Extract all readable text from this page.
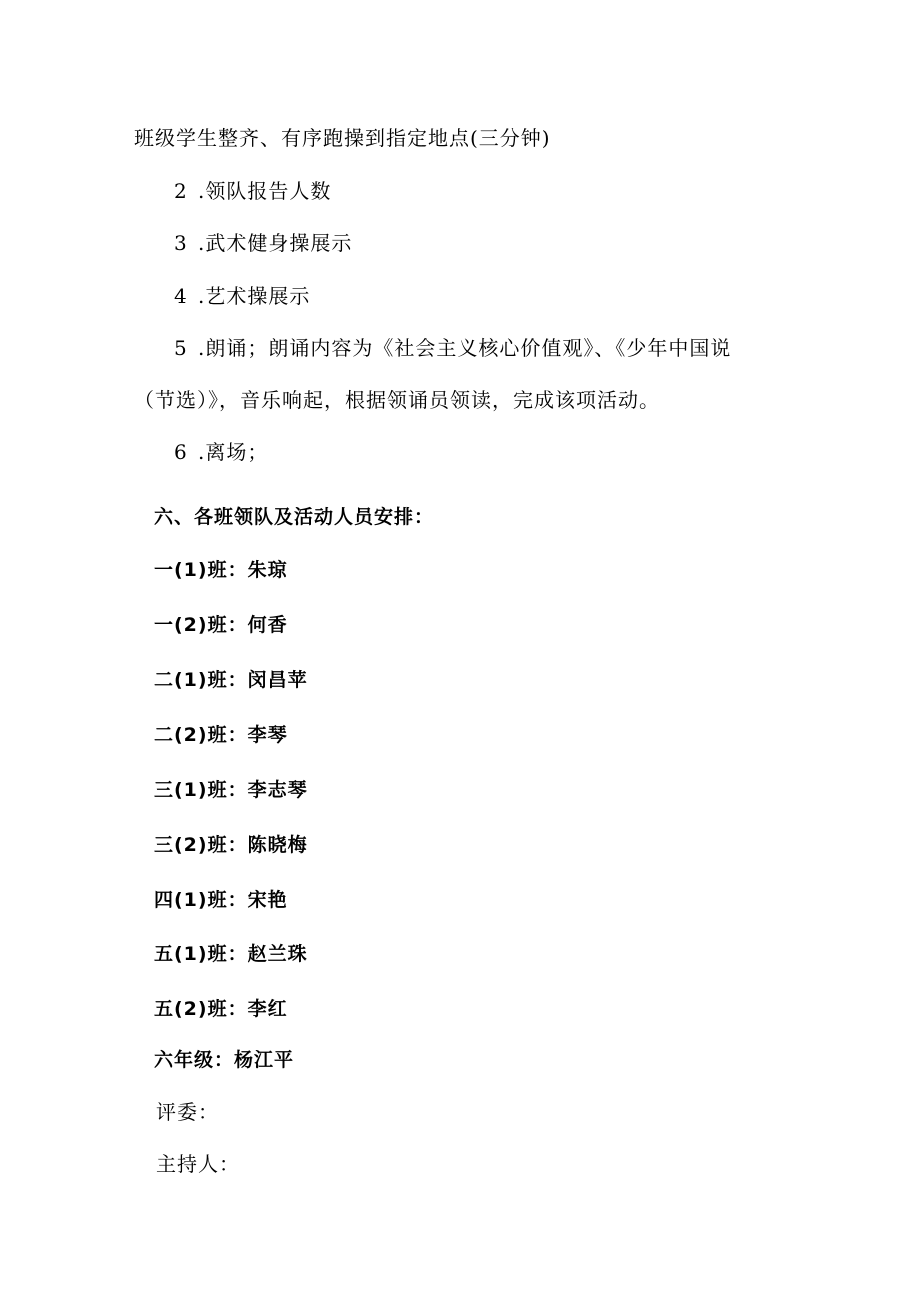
班级学生整齐、有序跑操到指定地点(三分钟)
2 .领队报告人数
3 .武术健身操展示
4 .艺术操展示
5 .朗诵；朗诵内容为《社会主义核心价值观》、《少年中国说
（节选）》，音乐响起，根据领诵员领读，完成该项活动。
6 .离场；
六、各班领队及活动人员安排：
一(1)班：朱琼
一(2)班：何香
二(1)班：闵昌苹
二(2)班：李琴
三(1)班：李志琴
三(2)班：陈晓梅
四(1)班：宋艳
五(1)班：赵兰珠
五(2)班：李红
六年级：杨江平
评委：
主持人：
